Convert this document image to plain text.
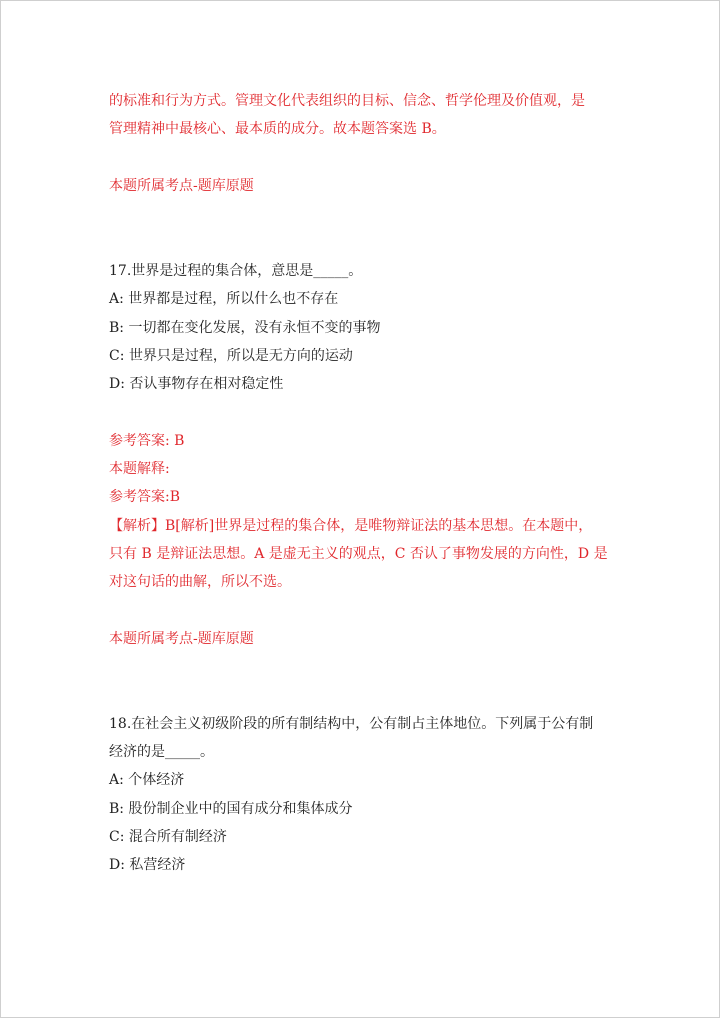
的标准和行为方式。管理文化代表组织的目标、信念、哲学伦理及价值观，是
管理精神中最核心、最本质的成分。故本题答案选 B。
本题所属考点-题库原题
17.世界是过程的集合体，意思是_____。
A: 世界都是过程，所以什么也不存在
B: 一切都在变化发展，没有永恒不变的事物
C: 世界只是过程，所以是无方向的运动
D: 否认事物存在相对稳定性
参考答案: B
本题解释:
参考答案:B
【解析】B[解析]世界是过程的集合体，是唯物辩证法的基本思想。在本题中，
只有 B 是辩证法思想。A 是虚无主义的观点，C 否认了事物发展的方向性，D 是
对这句话的曲解，所以不选。
本题所属考点-题库原题
18.在社会主义初级阶段的所有制结构中，公有制占主体地位。下列属于公有制
经济的是_____。
A: 个体经济
B: 股份制企业中的国有成分和集体成分
C: 混合所有制经济
D: 私营经济
